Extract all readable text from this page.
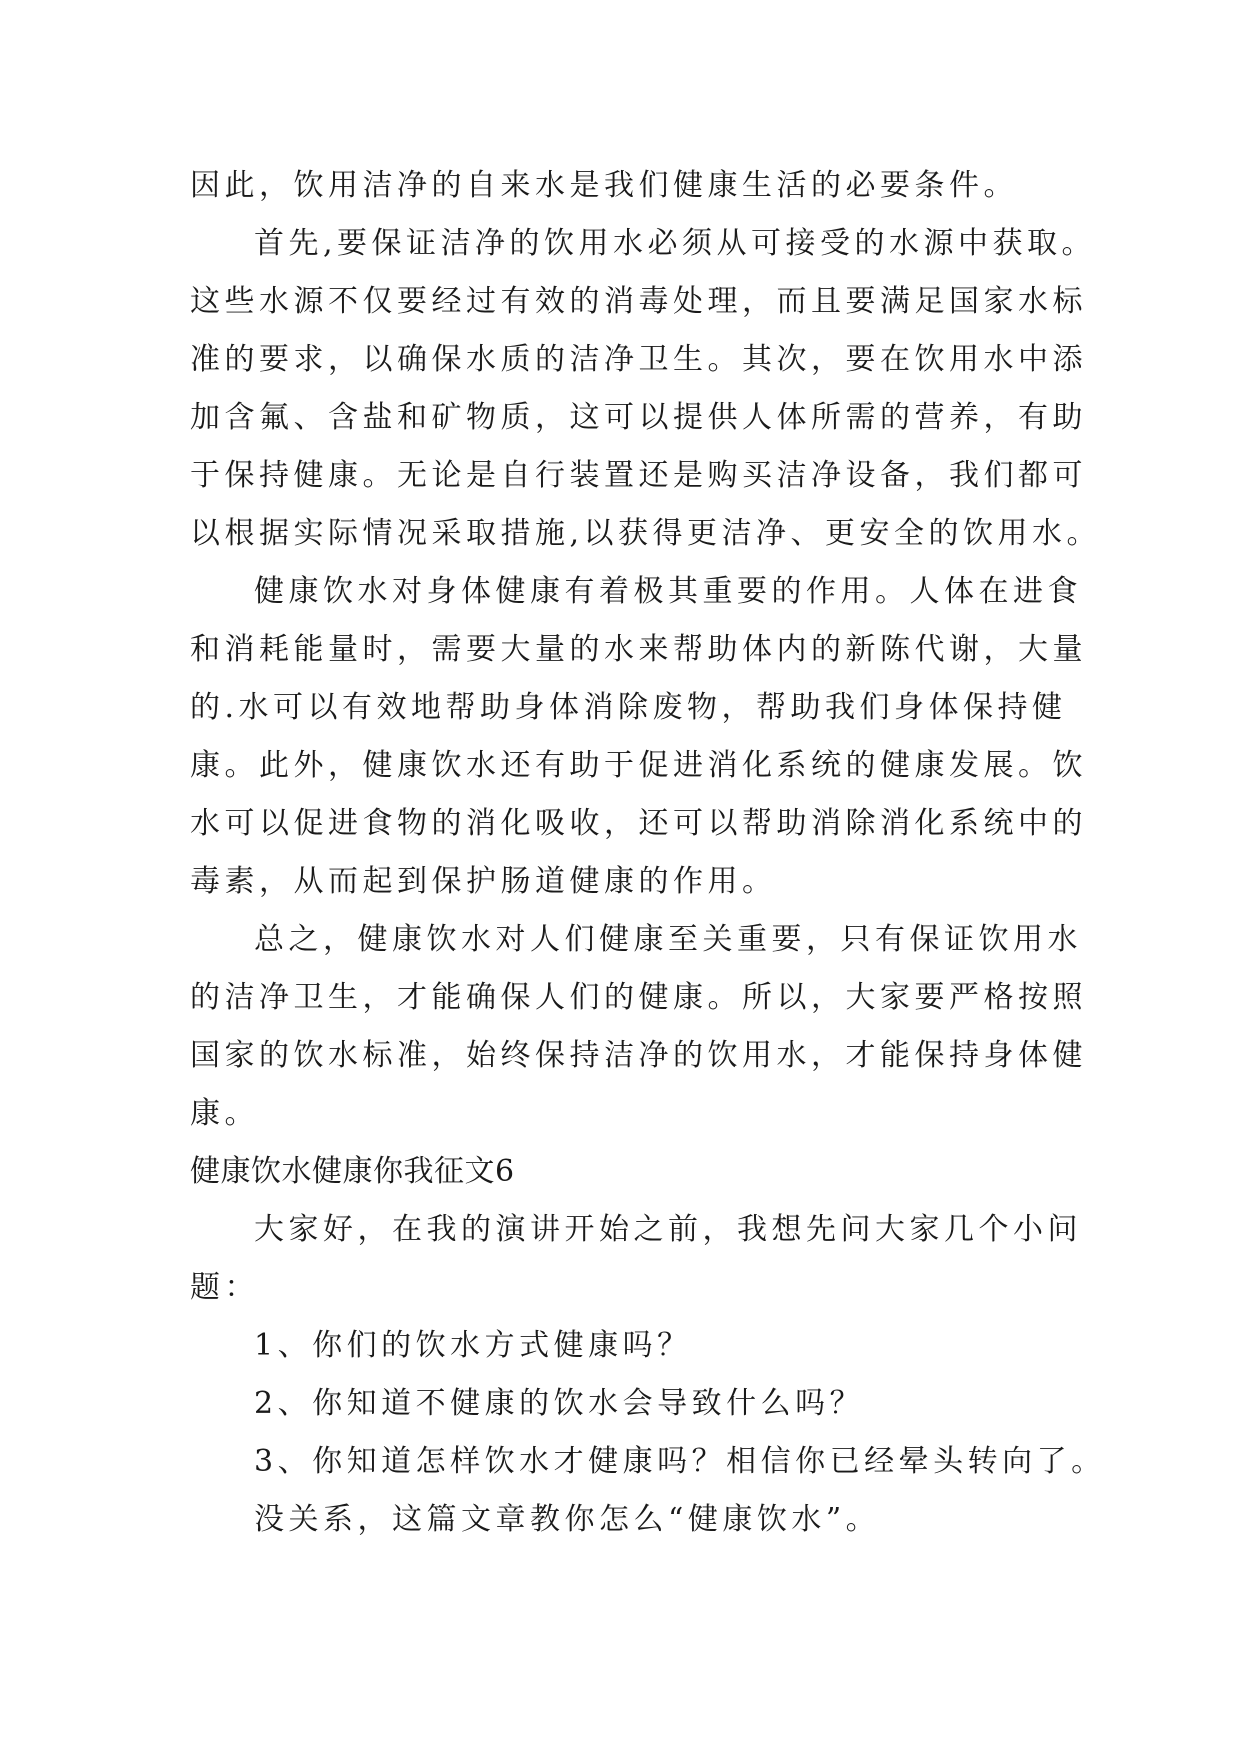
因此，饮用洁净的自来水是我们健康生活的必要条件。
首先,要保证洁净的饮用水必须从可接受的水源中获取。
这些水源不仅要经过有效的消毒处理，而且要满足国家水标
准的要求，以确保水质的洁净卫生。其次，要在饮用水中添
加含氟、含盐和矿物质，这可以提供人体所需的营养，有助
于保持健康。无论是自行装置还是购买洁净设备，我们都可
以根据实际情况采取措施,以获得更洁净、更安全的饮用水。
健康饮水对身体健康有着极其重要的作用。人体在进食
和消耗能量时，需要大量的水来帮助体内的新陈代谢，大量
的.水可以有效地帮助身体消除废物，帮助我们身体保持健
康。此外，健康饮水还有助于促进消化系统的健康发展。饮
水可以促进食物的消化吸收，还可以帮助消除消化系统中的
毒素，从而起到保护肠道健康的作用。
总之，健康饮水对人们健康至关重要，只有保证饮用水
的洁净卫生，才能确保人们的健康。所以，大家要严格按照
国家的饮水标准，始终保持洁净的饮用水，才能保持身体健
康。
健康饮水健康你我征文6
大家好，在我的演讲开始之前，我想先问大家几个小问
题：
1、你们的饮水方式健康吗？
2、你知道不健康的饮水会导致什么吗？
3、你知道怎样饮水才健康吗？相信你已经晕头转向了。
没关系，这篇文章教你怎么“健康饮水”。
